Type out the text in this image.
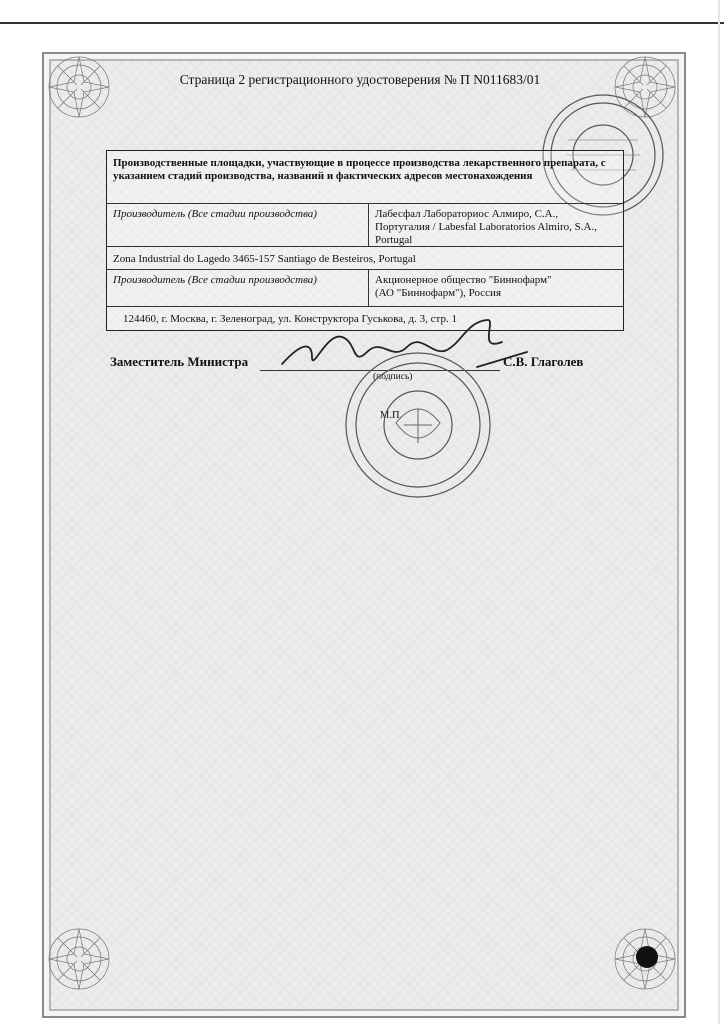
Страница 2 регистрационного удостоверения № П N011683/01
Производственные площадки, участвующие в процессе производства лекарственного препарата, с указанием стадий производства, названий и фактических адресов местонахождения
Производитель (Все стадии производства)	Лабесфал Лабораториос Алмиро, С.А.,
Португалия / Labesfal Laboratorios Almiro, S.A.,
Portugal
Zona Industrial do Lagedo 3465-157 Santiago de Besteiros, Portugal
Производитель (Все стадии производства)	Акционерное общество "Биннофарм"
(АО "Биннофарм"), Россия
124460, г. Москва, г. Зеленоград, ул. Конструктора Гуськова, д. 3, стр. 1
Заместитель Министра	С.В. Глаголев
(подпись)
М.П.
